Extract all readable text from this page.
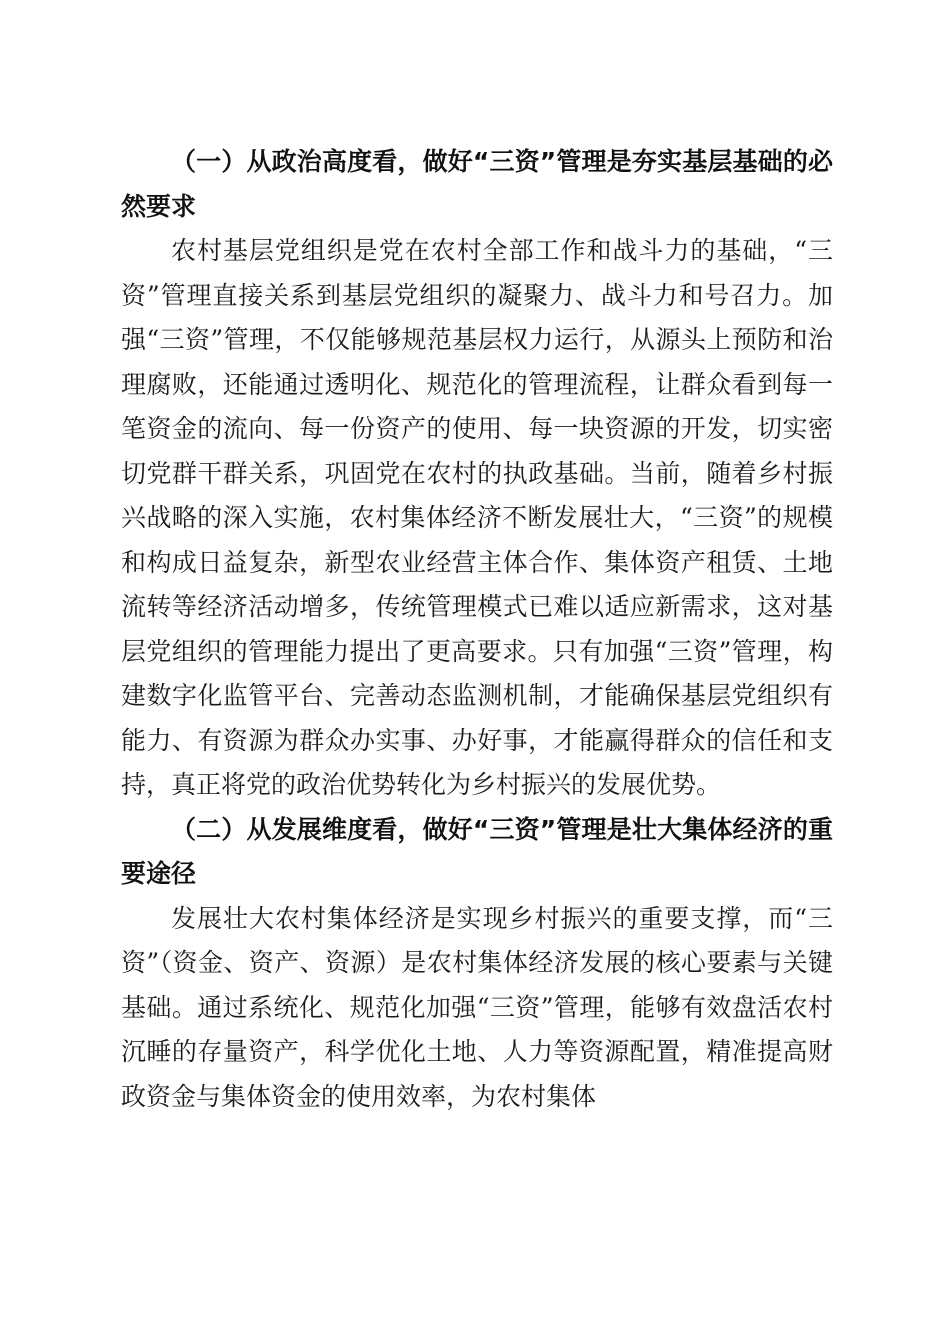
（一）从政治高度看，做好“三资”管理是夯实基层基础的必然要求

农村基层党组织是党在农村全部工作和战斗力的基础，“三资”管理直接关系到基层党组织的凝聚力、战斗力和号召力。加强“三资”管理，不仅能够规范基层权力运行，从源头上预防和治理腐败，还能通过透明化、规范化的管理流程，让群众看到每一笔资金的流向、每一份资产的使用、每一块资源的开发，切实密切党群干群关系，巩固党在农村的执政基础。当前，随着乡村振兴战略的深入实施，农村集体经济不断发展壮大，“三资”的规模和构成日益复杂，新型农业经营主体合作、集体资产租赁、土地流转等经济活动增多，传统管理模式已难以适应新需求，这对基层党组织的管理能力提出了更高要求。只有加强“三资”管理，构建数字化监管平台、完善动态监测机制，才能确保基层党组织有能力、有资源为群众办实事、办好事，才能赢得群众的信任和支持，真正将党的政治优势转化为乡村振兴的发展优势。

（二）从发展维度看，做好“三资”管理是壮大集体经济的重要途径

发展壮大农村集体经济是实现乡村振兴的重要支撑，而“三资”（资金、资产、资源）是农村集体经济发展的核心要素与关键基础。通过系统化、规范化加强“三资”管理，能够有效盘活农村沉睡的存量资产，科学优化土地、人力等资源配置，精准提高财政资金与集体资金的使用效率，为农村集体
